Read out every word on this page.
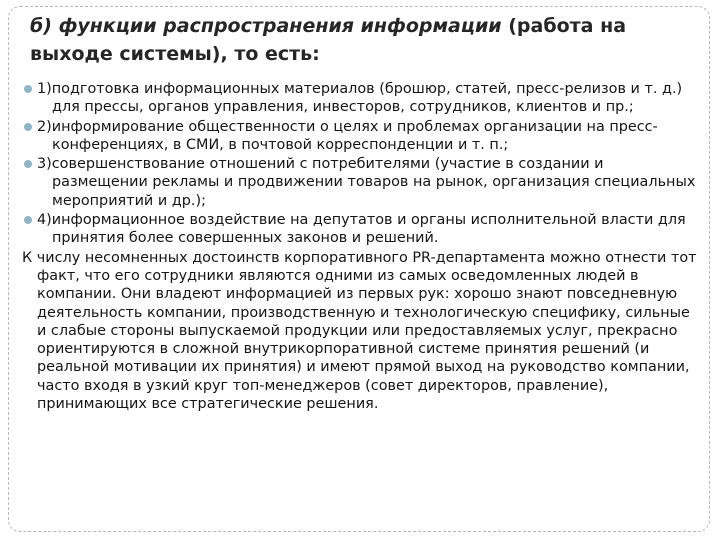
б) функции распространения информации (работа на выходе системы), то есть:
1)подготовка информационных материалов (брошюр, статей, пресс-релизов и т. д.) для прессы, органов управления, инвесторов, сотрудников, клиентов и пр.;
2)информирование общественности о целях и проблемах организации на пресс-конференциях, в СМИ, в почтовой корреспонденции и т. п.;
3)совершенствование отношений с потребителями (участие в создании и размещении рекламы и продвижении товаров на рынок, организация специальных мероприятий и др.);
4)информационное воздействие на депутатов и органы исполнительной власти для принятия более совершенных законов и решений.

К числу несомненных достоинств корпоративного PR-департамента можно отнести тот факт, что его сотрудники являются одними из самых осведомленных людей в компании. Они владеют информацией из первых рук: хорошо знают повседневную деятельность компании, производственную и технологическую специфику, сильные и слабые стороны выпускаемой продукции или предоставляемых услуг, прекрасно ориентируются в сложной внутрикорпоративной системе принятия решений (и реальной мотивации их принятия) и имеют прямой выход на руководство компании, часто входя в узкий круг топ-менеджеров (совет директоров, правление), принимающих все стратегические решения.
